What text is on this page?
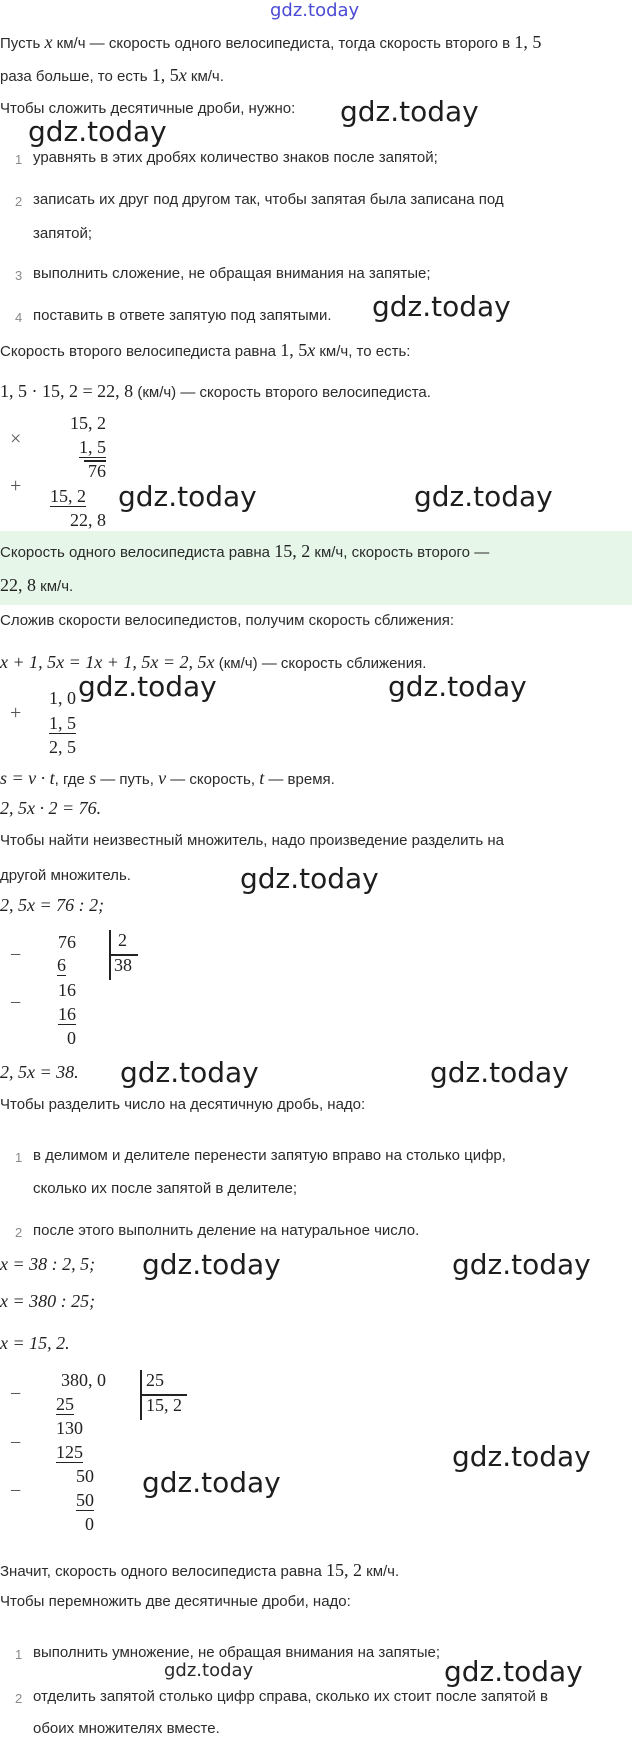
gdz.today
Пусть x км/ч — скорость одного велосипедиста, тогда скорость второго в 1, 5
раза больше, то есть 1, 5x км/ч.
Чтобы сложить десятичные дроби, нужно:
1 уравнять в этих дробях количество знаков после запятой;
2 записать их друг под другом так, чтобы запятая была записана под
запятой;
3 выполнить сложение, не обращая внимания на запятые;
4 поставить в ответе запятую под запятыми.
Скорость второго велосипедиста равна 1, 5x км/ч, то есть:
1, 5 · 15, 2 = 22, 8 (км/ч) — скорость второго велосипедиста.
×
+
15, 2
1, 5
76
15, 2
22, 8
Скорость одного велосипедиста равна 15, 2 км/ч, скорость второго —
22, 8 км/ч.
Сложив скорости велосипедистов, получим скорость сближения:
x + 1, 5x = 1x + 1, 5x = 2, 5x (км/ч) — скорость сближения.
+
1, 0
1, 5
2, 5
s = v · t, где s — путь, v — скорость, t — время.
2, 5x · 2 = 76.
Чтобы найти неизвестный множитель, надо произведение разделить на
другой множитель.
2, 5x = 76 : 2;
−
−
76
6
16
16
0
2
38
2, 5x = 38.
Чтобы разделить число на десятичную дробь, надо:
1 в делимом и делителе перенести запятую вправо на столько цифр,
сколько их после запятой в делителе;
2 после этого выполнить деление на натуральное число.
x = 38 : 2, 5;
x = 380 : 25;
x = 15, 2.
−
−
−
380, 0
25
130
125
50
50
0
25
15, 2
Значит, скорость одного велосипедиста равна 15, 2 км/ч.
Чтобы перемножить две десятичные дроби, надо:
1 выполнить умножение, не обращая внимания на запятые;
2 отделить запятой столько цифр справа, сколько их стоит после запятой в
обоих множителях вместе.
gdz.today
gdz.today
gdz.today
gdz.today	gdz.today
gdz.today	gdz.today
gdz.today
gdz.today	gdz.today
gdz.today	gdz.today
gdz.today
gdz.today
gdz.today
gdz.today
